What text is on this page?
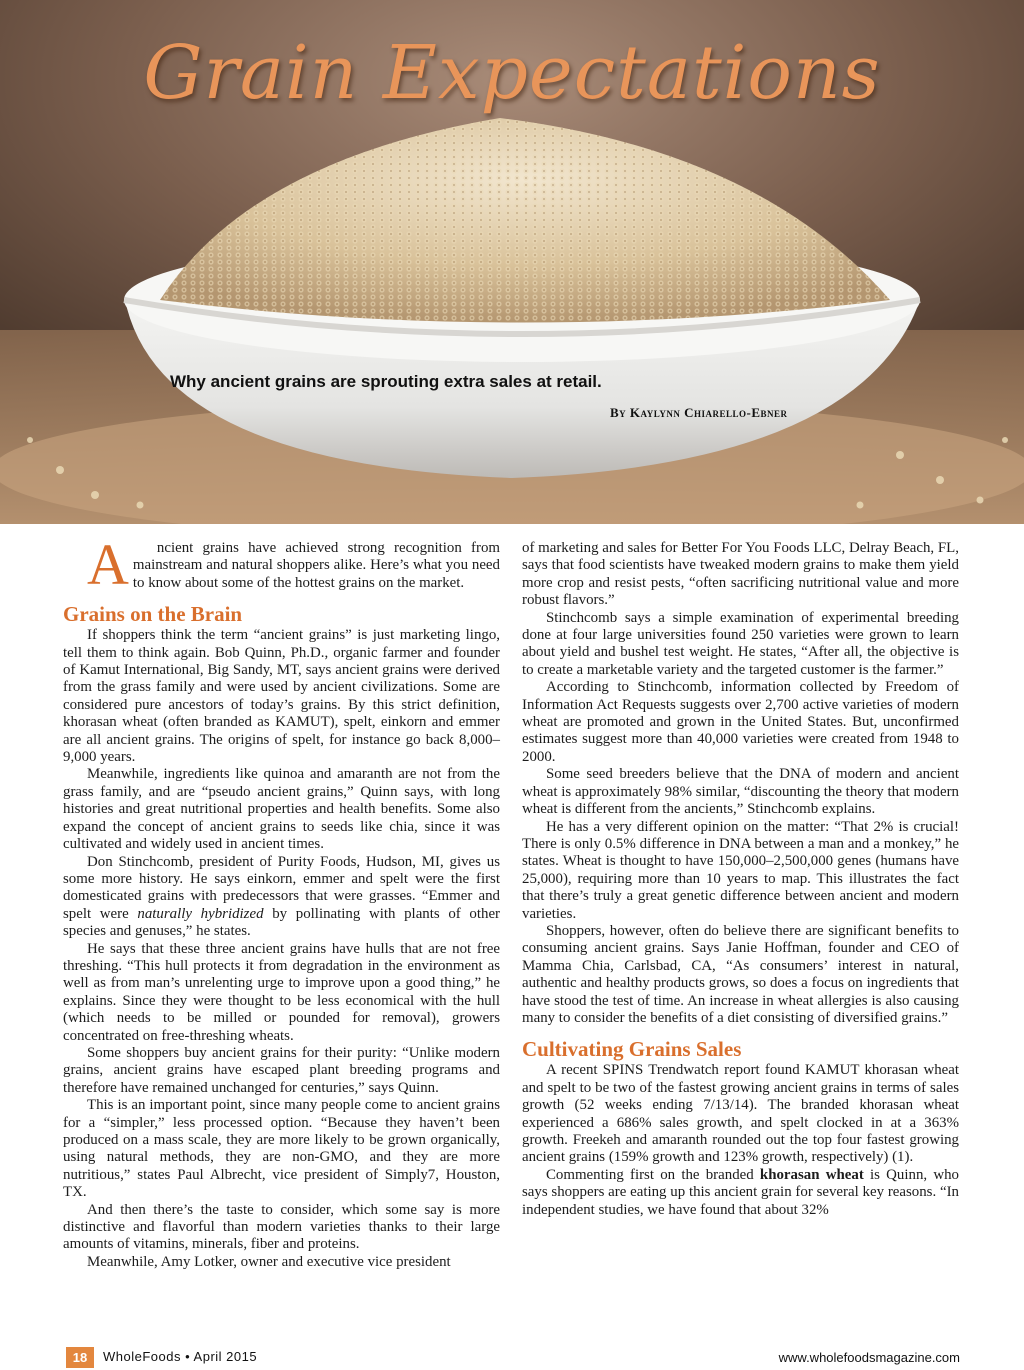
Grain Expectations
Why ancient grains are sprouting extra sales at retail.
By Kaylynn Chiarello-Ebner

A ncient grains have achieved strong recognition from mainstream and natural shoppers alike. Here’s what you need to know about some of the hottest grains on the market.

Grains on the Brain

If shoppers think the term “ancient grains” is just marketing lingo, tell them to think again. Bob Quinn, Ph.D., organic farmer and founder of Kamut International, Big Sandy, MT, says ancient grains were derived from the grass family and were used by ancient civilizations. Some are considered pure ancestors of today’s grains. By this strict definition, khorasan wheat (often branded as KAMUT), spelt, einkorn and emmer are all ancient grains. The origins of spelt, for instance go back 8,000–9,000 years.

Meanwhile, ingredients like quinoa and amaranth are not from the grass family, and are “pseudo ancient grains,” Quinn says, with long histories and great nutritional properties and health benefits. Some also expand the concept of ancient grains to seeds like chia, since it was cultivated and widely used in ancient times.

Don Stinchcomb, president of Purity Foods, Hudson, MI, gives us some more history. He says einkorn, emmer and spelt were the first domesticated grains with predecessors that were grasses. “Emmer and spelt were naturally hybridized by pollinating with plants of other species and genuses,” he states.

He says that these three ancient grains have hulls that are not free threshing. “This hull protects it from degradation in the environment as well as from man’s unrelenting urge to improve upon a good thing,” he explains. Since they were thought to be less economical with the hull (which needs to be milled or pounded for removal), growers concentrated on free-threshing wheats.

Some shoppers buy ancient grains for their purity: “Unlike modern grains, ancient grains have escaped plant breeding programs and therefore have remained unchanged for centuries,” says Quinn.

This is an important point, since many people come to ancient grains for a “simpler,” less processed option. “Because they haven’t been produced on a mass scale, they are more likely to be grown organically, using natural methods, they are non-GMO, and they are more nutritious,” states Paul Albrecht, vice president of Simply7, Houston, TX.

And then there’s the taste to consider, which some say is more distinctive and flavorful than modern varieties thanks to their large amounts of vitamins, minerals, fiber and proteins.

Meanwhile, Amy Lotker, owner and executive vice president

of marketing and sales for Better For You Foods LLC, Delray Beach, FL, says that food scientists have tweaked modern grains to make them yield more crop and resist pests, “often sacrificing nutritional value and more robust flavors.”

Stinchcomb says a simple examination of experimental breeding done at four large universities found 250 varieties were grown to learn about yield and bushel test weight. He states, “After all, the objective is to create a marketable variety and the targeted customer is the farmer.”

According to Stinchcomb, information collected by Freedom of Information Act Requests suggests over 2,700 active varieties of modern wheat are promoted and grown in the United States. But, unconfirmed estimates suggest more than 40,000 varieties were created from 1948 to 2000.

Some seed breeders believe that the DNA of modern and ancient wheat is approximately 98% similar, “discounting the theory that modern wheat is different from the ancients,” Stinchcomb explains.

He has a very different opinion on the matter: “That 2% is crucial! There is only 0.5% difference in DNA between a man and a monkey,” he states. Wheat is thought to have 150,000–2,500,000 genes (humans have 25,000), requiring more than 10 years to map. This illustrates the fact that there’s truly a great genetic difference between ancient and modern varieties.

Shoppers, however, often do believe there are significant benefits to consuming ancient grains. Says Janie Hoffman, founder and CEO of Mamma Chia, Carlsbad, CA, “As consumers’ interest in natural, authentic and healthy products grows, so does a focus on ingredients that have stood the test of time. An increase in wheat allergies is also causing many to consider the benefits of a diet consisting of diversified grains.”

Cultivating Grains Sales

A recent SPINS Trendwatch report found KAMUT khorasan wheat and spelt to be two of the fastest growing ancient grains in terms of sales growth (52 weeks ending 7/13/14). The branded khorasan wheat experienced a 686% sales growth, and spelt clocked in at a 363% growth. Freekeh and amaranth rounded out the top four fastest growing ancient grains (159% growth and 123% growth, respectively) (1).

Commenting first on the branded khorasan wheat is Quinn, who says shoppers are eating up this ancient grain for several key reasons. “In independent studies, we have found that about 32%

18	WholeFoods • April 2015	www.wholefoodsmagazine.com
